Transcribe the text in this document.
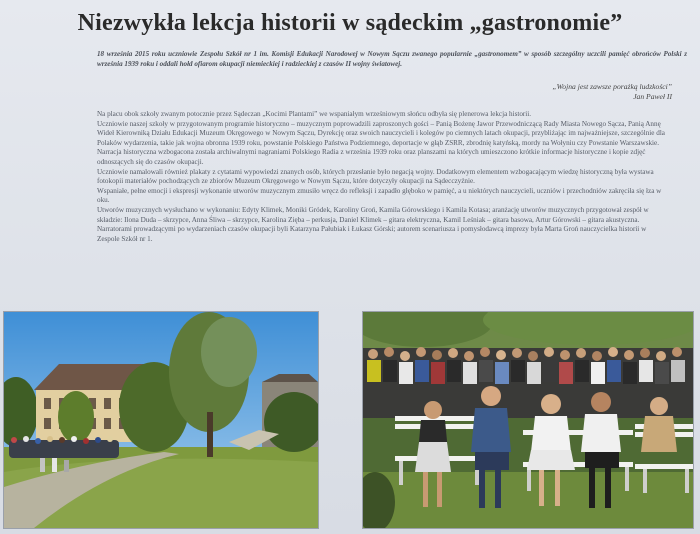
Niezwykła lekcja historii w sądeckim „gastronomie”
18 września 2015 roku uczniowie Zespołu Szkół nr 1 im. Komisji Edukacji Narodowej w Nowym Sączu zwanego popularnie „gastronomem” w sposób szczególny uczcili pamięć obrońców Polski z września 1939 roku i oddali hołd ofiarom okupacji niemieckiej i radzieckiej z czasów II wojny światowej.
„Wojna jest zawsze porażką ludzkości”
Jan Paweł II

Na placu obok szkoły zwanym potocznie przez Sądeczan „Kocimi Plantami” we wspaniałym wrześniowym słońcu odbyła się plenerowa lekcja historii.

Uczniowie naszej szkoły w przygotowanym programie historyczno – muzycznym poprowadzili zaproszonych gości – Panią Bożenę Jawor Przewodniczącą Rady Miasta Nowego Sącza, Panią Annę Wideł Kierowniką Działu Edukacji Muzeum Okręgowego w Nowym Sączu, Dyrekcję oraz swoich nauczycieli i kolegów po ciemnych latach okupacji, przybliżając im najważniejsze, szczególnie dla Polaków wydarzenia, takie jak wojna obronna 1939 roku, powstanie Polskiego Państwa Podziemnego, deportacje w głąb ZSRR, zbrodnię katyńską, mordy na Wołyniu czy Powstanie Warszawskie. Narracja historyczna wzbogacona została archiwalnymi nagraniami Polskiego Radia z września 1939 roku oraz planszami na których umieszczono krótkie informacje historyczne i kopie zdjęć odnoszących się do czasów okupacji.

Uczniowie namalowali również plakaty z cytatami wypowiedzi znanych osób, których przesłanie było negacją wojny. Dodatkowym elementem wzbogacającym wiedzę historyczną była wystawa fotokopii materiałów pochodzących ze zbiorów Muzeum Okręgowego w Nowym Sączu, które dotyczyły okupacji na Sądecczyźnie.

Wspaniałe, pełne emocji i ekspresji wykonanie utworów muzycznym zmusiło wręcz do refleksji i zapadło głęboko w pamięć, a u niektórych nauczycieli, uczniów i przechodniów zakręciła się łza w oku.

Utworów muzycznych wysłuchano w wykonaniu: Edyty Klimek, Moniki Gródek, Karoliny Groń, Kamila Górowskiego i Kamila Kotasa; aranżację utworów muzycznych przygotował zespół w składzie: Ilona Duda – skrzypce, Anna Śliwa – skrzypce, Karolina Zięba – perkusja, Daniel Klimek – gitara elektryczna, Kamil Leśniak – gitara basowa, Artur Górowski – gitara akustyczna. Narratorami prowadzącymi po wydarzeniach czasów okupacji byli Katarzyna Pałubiak i Łukasz Górski; autorem scenariusza i pomysłodawcą imprezy była Marta Groń nauczycielka historii w Zespole Szkół nr 1.
